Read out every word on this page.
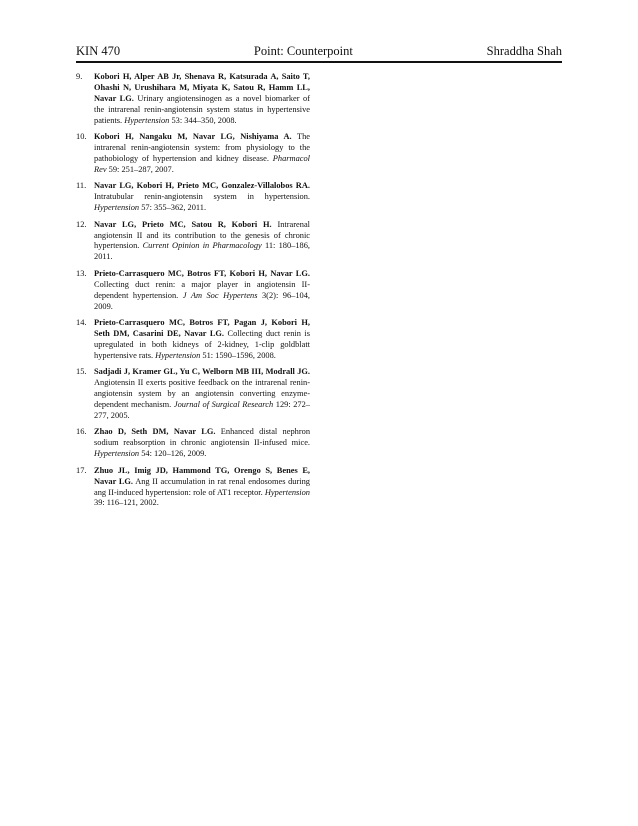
KIN 470	Point: Counterpoint	Shraddha Shah
9. Kobori H, Alper AB Jr, Shenava R, Katsurada A, Saito T, Ohashi N, Urushihara M, Miyata K, Satou R, Hamm LL, Navar LG. Urinary angiotensinogen as a novel biomarker of the intrarenal renin-angiotensin system status in hypertensive patients. Hypertension 53: 344–350, 2008.
10. Kobori H, Nangaku M, Navar LG, Nishiyama A. The intrarenal renin-angiotensin system: from physiology to the pathobiology of hypertension and kidney disease. Pharmacol Rev 59: 251–287, 2007.
11. Navar LG, Kobori H, Prieto MC, Gonzalez-Villalobos RA. Intratubular renin-angiotensin system in hypertension. Hypertension 57: 355–362, 2011.
12. Navar LG, Prieto MC, Satou R, Kobori H. Intrarenal angiotensin II and its contribution to the genesis of chronic hypertension. Current Opinion in Pharmacology 11: 180–186, 2011.
13. Prieto-Carrasquero MC, Botros FT, Kobori H, Navar LG. Collecting duct renin: a major player in angiotensin II-dependent hypertension. J Am Soc Hypertens 3(2): 96–104, 2009.
14. Prieto-Carrasquero MC, Botros FT, Pagan J, Kobori H, Seth DM, Casarini DE, Navar LG. Collecting duct renin is upregulated in both kidneys of 2-kidney, 1-clip goldblatt hypertensive rats. Hypertension 51: 1590–1596, 2008.
15. Sadjadi J, Kramer GL, Yu C, Welborn MB III, Modrall JG. Angiotensin II exerts positive feedback on the intrarenal renin-angiotensin system by an angiotensin converting enzyme-dependent mechanism. Journal of Surgical Research 129: 272–277, 2005.
16. Zhao D, Seth DM, Navar LG. Enhanced distal nephron sodium reabsorption in chronic angiotensin II-infused mice. Hypertension 54: 120–126, 2009.
17. Zhuo JL, Imig JD, Hammond TG, Orengo S, Benes E, Navar LG. Ang II accumulation in rat renal endosomes during ang II-induced hypertension: role of AT1 receptor. Hypertension 39: 116–121, 2002.
